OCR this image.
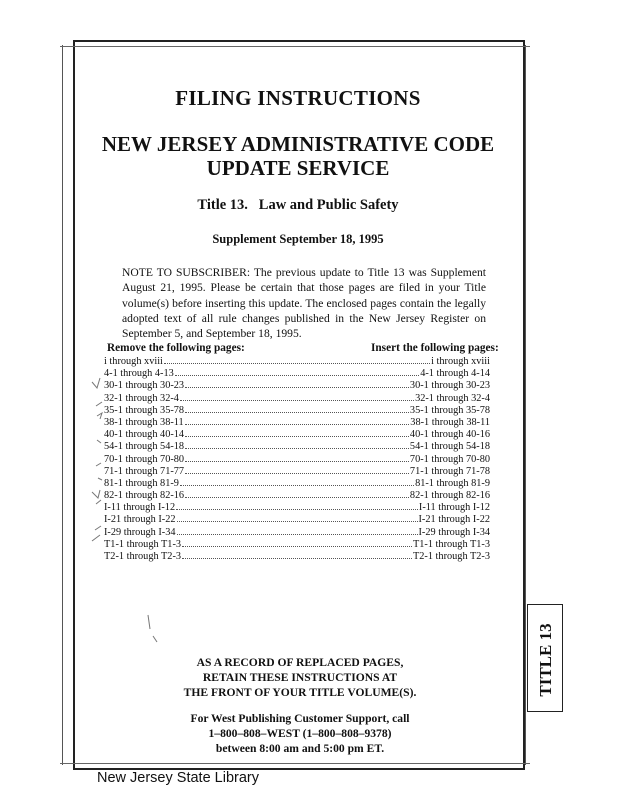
FILING INSTRUCTIONS
NEW JERSEY ADMINISTRATIVE CODE
UPDATE SERVICE
Title 13.   Law and Public Safety
Supplement September 18, 1995
NOTE TO SUBSCRIBER: The previous update to Title 13 was Supplement August 21, 1995. Please be certain that those pages are filed in your Title volume(s) before inserting this update. The enclosed pages contain the legally adopted text of all rule changes published in the New Jersey Register on September 5, and September 18, 1995.
Remove the following pages:	Insert the following pages:
i through xviii	i through xviii
4-1 through 4-13	4-1 through 4-14
30-1 through 30-23	30-1 through 30-23
32-1 through 32-4	32-1 through 32-4
35-1 through 35-78	35-1 through 35-78
38-1 through 38-11	38-1 through 38-11
40-1 through 40-14	40-1 through 40-16
54-1 through 54-18	54-1 through 54-18
70-1 through 70-80	70-1 through 70-80
71-1 through 71-77	71-1 through 71-78
81-1 through 81-9	81-1 through 81-9
82-1 through 82-16	82-1 through 82-16
I-11 through I-12	I-11 through I-12
I-21 through I-22	I-21 through I-22
I-29 through I-34	I-29 through I-34
T1-1 through T1-3	T1-1 through T1-3
T2-1 through T2-3	T2-1 through T2-3
AS A RECORD OF REPLACED PAGES,
RETAIN THESE INSTRUCTIONS AT
THE FRONT OF YOUR TITLE VOLUME(S).
For West Publishing Customer Support, call
1–800–808–WEST (1–800–808–9378)
between 8:00 am and 5:00 pm ET.
TITLE 13
New Jersey State Library
